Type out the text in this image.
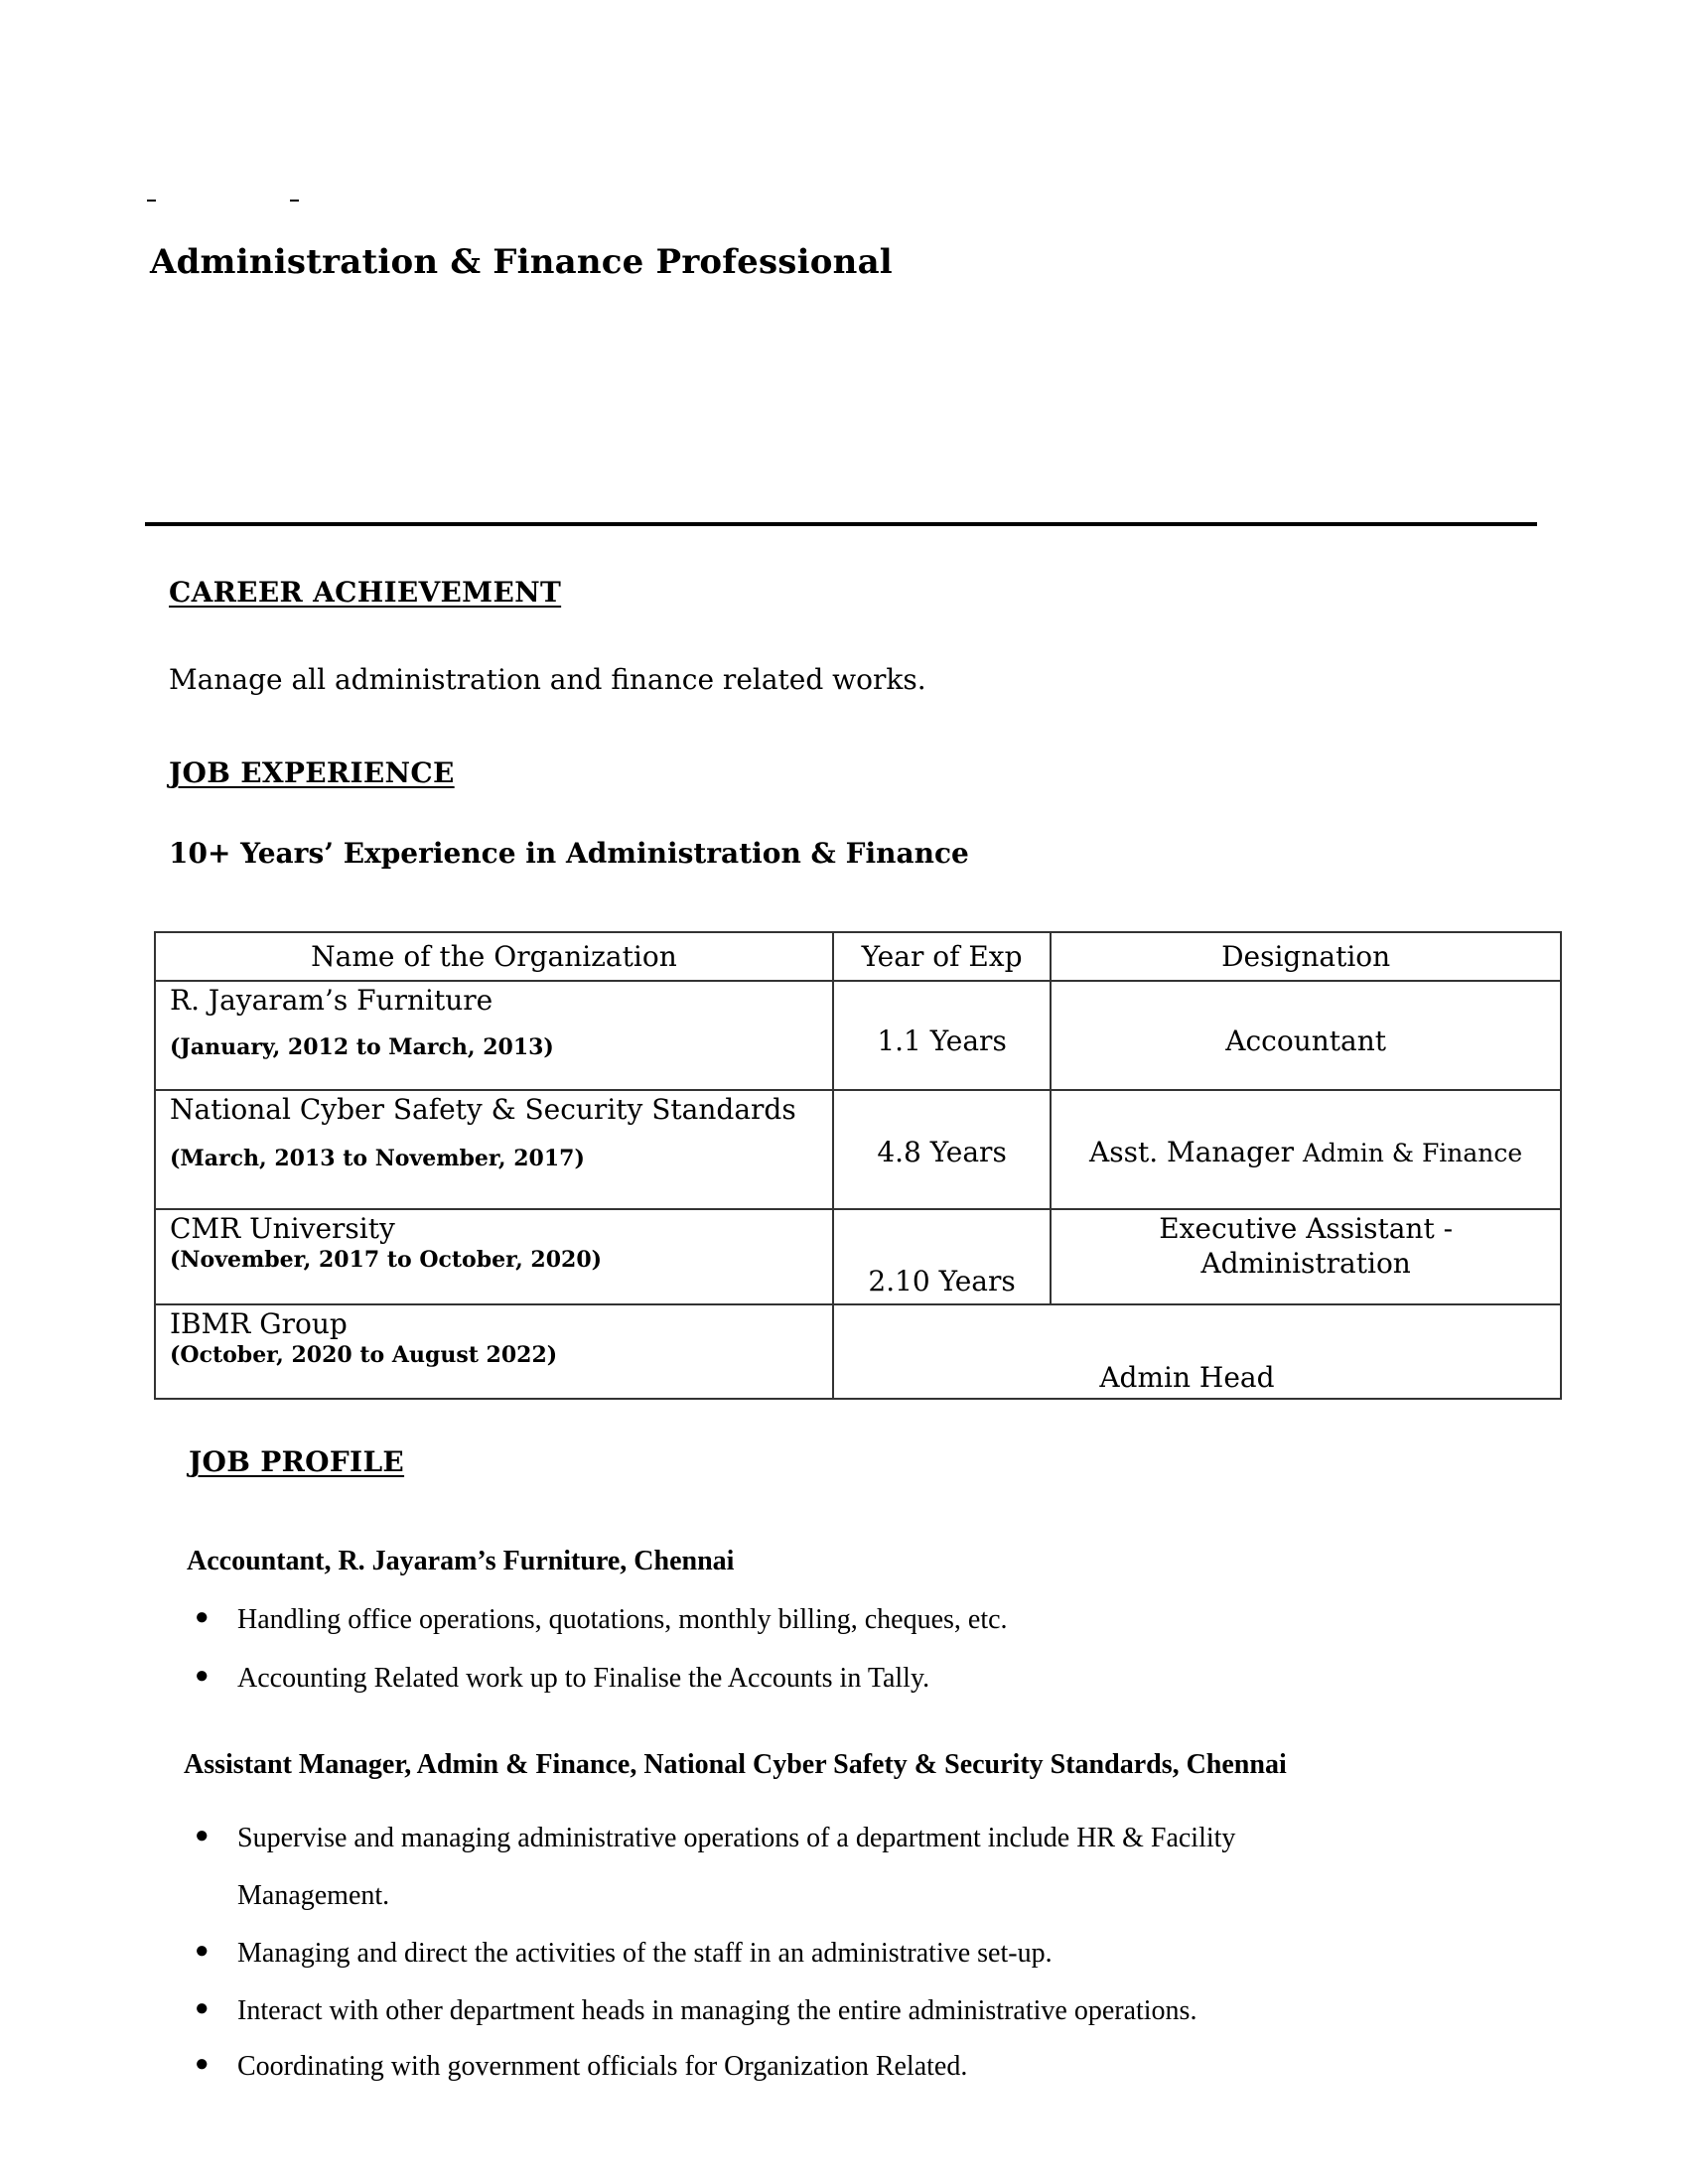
Administration & Finance Professional
CAREER ACHIEVEMENT
Manage all administration and finance related works.
JOB EXPERIENCE
10+ Years’ Experience in Administration & Finance
Name of the Organization	Year of Exp	Designation

R. Jayaram’s Furniture
(January, 2012 to March, 2013)	1.1 Years	Accountant

National Cyber Safety & Security Standards
(March, 2013 to November, 2017)	4.8 Years	Asst. Manager Admin & Finance

CMR University
(November, 2017 to October, 2020)	2.10 Years	Executive Assistant -
Administration

IBMR Group
(October, 2020 to August 2022)	Admin Head	
JOB PROFILE
Accountant, R. Jayaram’s Furniture, Chennai
● Handling office operations, quotations, monthly billing, cheques, etc.
● Accounting Related work up to Finalise the Accounts in Tally.
Assistant Manager, Admin & Finance, National Cyber Safety & Security Standards, Chennai
● Supervise and managing administrative operations of a department include HR & Facility
Management.
● Managing and direct the activities of the staff in an administrative set-up.
● Interact with other department heads in managing the entire administrative operations.
● Coordinating with government officials for Organization Related.
